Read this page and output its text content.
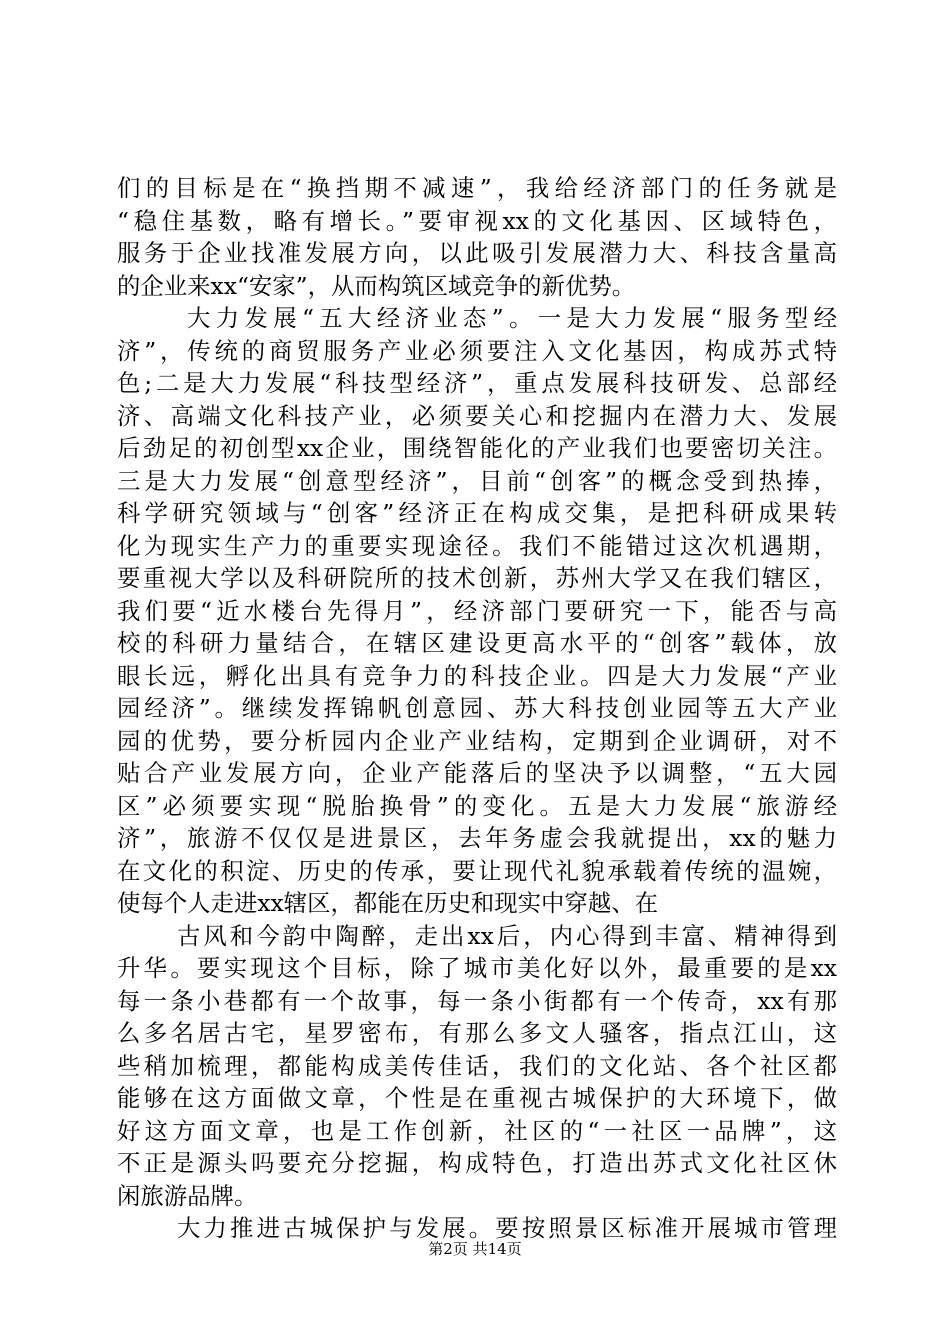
们的目标是在“换挡期不减速”，我给经济部门的任务就是
“稳住基数，略有增长。”要审视xx的文化基因、区域特色，
服务于企业找准发展方向，以此吸引发展潜力大、科技含量高
的企业来xx“安家”，从而构筑区域竞争的新优势。
大力发展“五大经济业态”。一是大力发展“服务型经
济”，传统的商贸服务产业必须要注入文化基因，构成苏式特
色;二是大力发展“科技型经济”，重点发展科技研发、总部经
济、高端文化科技产业，必须要关心和挖掘内在潜力大、发展
后劲足的初创型xx企业，围绕智能化的产业我们也要密切关注。
三是大力发展“创意型经济”，目前“创客”的概念受到热捧，
科学研究领域与“创客”经济正在构成交集，是把科研成果转
化为现实生产力的重要实现途径。我们不能错过这次机遇期，
要重视大学以及科研院所的技术创新，苏州大学又在我们辖区，
我们要“近水楼台先得月”，经济部门要研究一下，能否与高
校的科研力量结合，在辖区建设更高水平的“创客”载体，放
眼长远，孵化出具有竞争力的科技企业。四是大力发展“产业
园经济”。继续发挥锦帆创意园、苏大科技创业园等五大产业
园的优势，要分析园内企业产业结构，定期到企业调研，对不
贴合产业发展方向，企业产能落后的坚决予以调整，“五大园
区”必须要实现“脱胎换骨”的变化。五是大力发展“旅游经
济”，旅游不仅仅是进景区，去年务虚会我就提出，xx的魅力
在文化的积淀、历史的传承，要让现代礼貌承载着传统的温婉，
使每个人走进xx辖区，都能在历史和现实中穿越、在
古风和今韵中陶醉，走出xx后，内心得到丰富、精神得到
升华。要实现这个目标，除了城市美化好以外，最重要的是xx
每一条小巷都有一个故事，每一条小街都有一个传奇，xx有那
么多名居古宅，星罗密布，有那么多文人骚客，指点江山，这
些稍加梳理，都能构成美传佳话，我们的文化站、各个社区都
能够在这方面做文章，个性是在重视古城保护的大环境下，做
好这方面文章，也是工作创新，社区的“一社区一品牌”，这
不正是源头吗要充分挖掘，构成特色，打造出苏式文化社区休
闲旅游品牌。
大力推进古城保护与发展。要按照景区标准开展城市管理
第2页 共14页
